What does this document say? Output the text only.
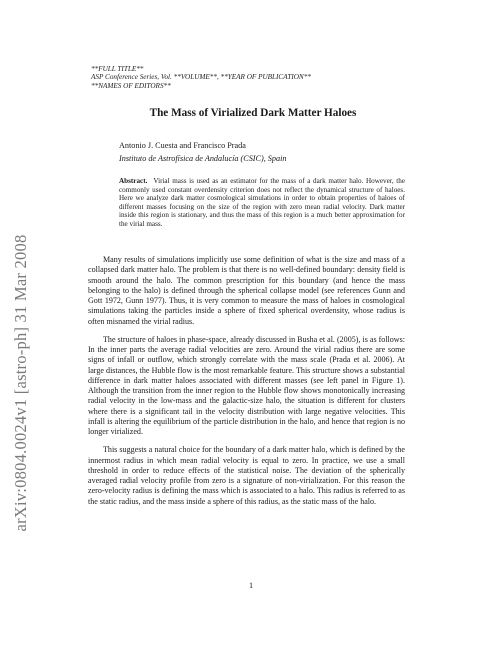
arXiv:0804.0024v1 [astro-ph] 31 Mar 2008
**FULL TITLE**
ASP Conference Series, Vol. **VOLUME**, **YEAR OF PUBLICATION**
**NAMES OF EDITORS**
The Mass of Virialized Dark Matter Haloes
Antonio J. Cuesta and Francisco Prada
Instituto de Astrofísica de Andalucía (CSIC), Spain
Abstract. Virial mass is used as an estimator for the mass of a dark matter halo. However, the commonly used constant overdensity criterion does not reflect the dynamical structure of haloes. Here we analyze dark matter cosmological simulations in order to obtain properties of haloes of different masses focusing on the size of the region with zero mean radial velocity. Dark matter inside this region is stationary, and thus the mass of this region is a much better approximation for the virial mass.

Many results of simulations implicitly use some definition of what is the size and mass of a collapsed dark matter halo. The problem is that there is no well-defined boundary: density field is smooth around the halo. The common prescription for this boundary (and hence the mass belonging to the halo) is defined through the spherical collapse model (see references Gunn and Gott 1972, Gunn 1977). Thus, it is very common to measure the mass of haloes in cosmological simulations taking the particles inside a sphere of fixed spherical overdensity, whose radius is often misnamed the virial radius.

The structure of haloes in phase-space, already discussed in Busha et al. (2005), is as follows: In the inner parts the average radial velocities are zero. Around the virial radius there are some signs of infall or outflow, which strongly correlate with the mass scale (Prada et al. 2006). At large distances, the Hubble flow is the most remarkable feature. This structure shows a substantial difference in dark matter haloes associated with different masses (see left panel in Figure 1). Although the transition from the inner region to the Hubble flow shows monotonically increasing radial velocity in the low-mass and the galactic-size halo, the situation is different for clusters where there is a significant tail in the velocity distribution with large negative velocities. This infall is altering the equilibrium of the particle distribution in the halo, and hence that region is no longer virialized.

This suggests a natural choice for the boundary of a dark matter halo, which is defined by the innermost radius in which mean radial velocity is equal to zero. In practice, we use a small threshold in order to reduce effects of the statistical noise. The deviation of the spherically averaged radial velocity profile from zero is a signature of non-virialization. For this reason the zero-velocity radius is defining the mass which is associated to a halo. This radius is referred to as the static radius, and the mass inside a sphere of this radius, as the static mass of the halo.

1
